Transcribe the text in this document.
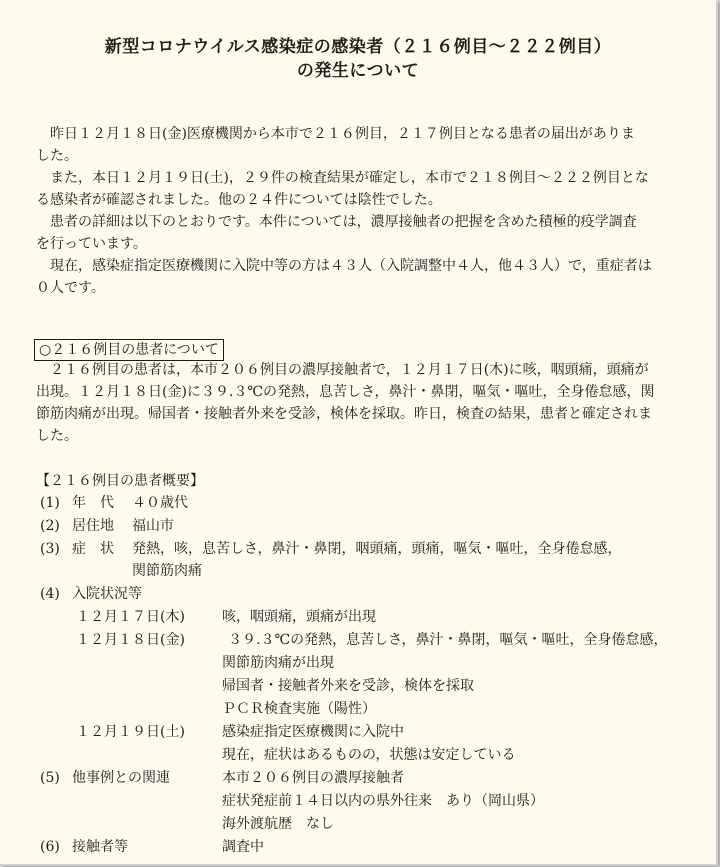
新型コロナウイルス感染症の感染者（２１６例目～２２２例目）
の発生について
　昨日１２月１８日(金)医療機関から本市で２１６例目，２１７例目となる患者の届出がありま
した。
　また，本日１２月１９日(土)，２９件の検査結果が確定し，本市で２１８例目～２２２例目とな
る感染者が確認されました。他の２４件については陰性でした。
　患者の詳細は以下のとおりです。本件については，濃厚接触者の把握を含めた積極的疫学調査
を行っています。
　現在，感染症指定医療機関に入院中等の方は４３人（入院調整中４人，他４３人）で，重症者は
０人です。
○２１６例目の患者について
　２１６例目の患者は，本市２０６例目の濃厚接触者で，１２月１７日(木)に咳，咽頭痛，頭痛が
出現。１２月１８日(金)に３９.３℃の発熱，息苦しさ，鼻汁・鼻閉，嘔気・嘔吐，全身倦怠感，関
節筋肉痛が出現。帰国者・接触者外来を受診，検体を採取。昨日，検査の結果，患者と確定されま
した。
【２１６例目の患者概要】
(1) 年　代 ４０歳代
(2) 居住地 福山市
(3) 症　状 発熱，咳，息苦しさ，鼻汁・鼻閉，咽頭痛，頭痛，嘔気・嘔吐，全身倦怠感，
関節筋肉痛
(4) 入院状況等
１２月１７日(木)	咳，咽頭痛，頭痛が出現
１２月１８日(金)	３９.３℃の発熱，息苦しさ，鼻汁・鼻閉，嘔気・嘔吐，全身倦怠感，
関節筋肉痛が出現
帰国者・接触者外来を受診，検体を採取
ＰＣＲ検査実施（陽性）
１２月１９日(土)	感染症指定医療機関に入院中
現在，症状はあるものの，状態は安定している
(5) 他事例との関連	本市２０６例目の濃厚接触者
症状発症前１４日以内の県外往来　あり（岡山県）
海外渡航歴　なし
(6) 接触者等	調査中
